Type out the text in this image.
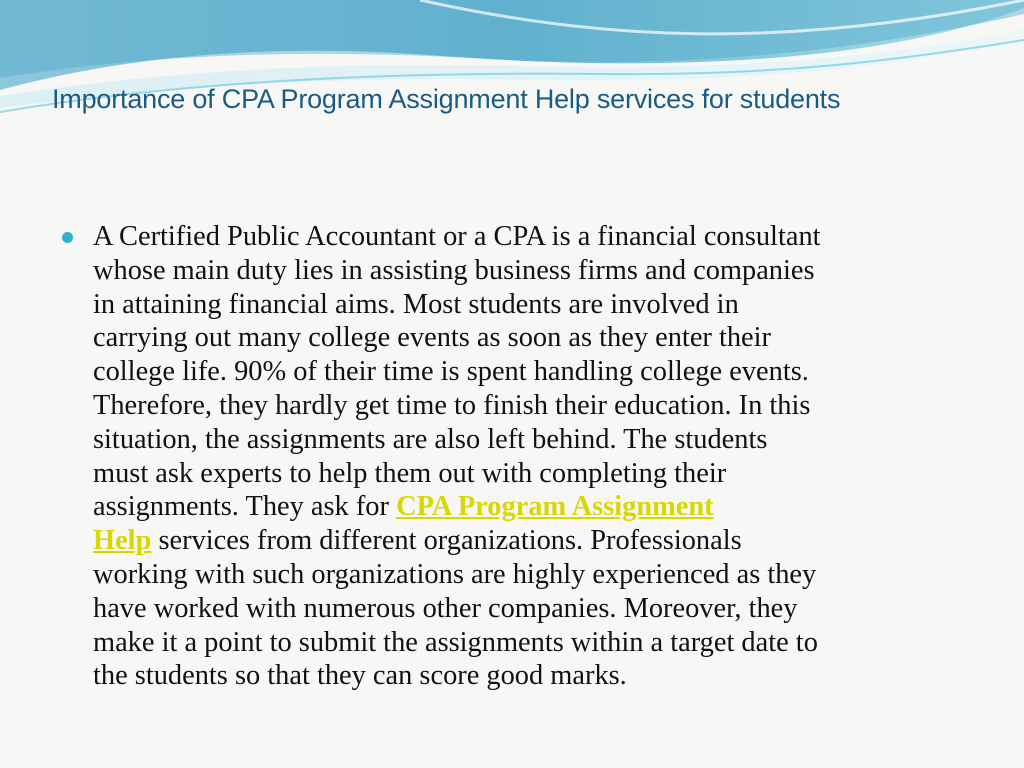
Importance of CPA Program Assignment Help services for students

A Certified Public Accountant or a CPA is a financial consultant
whose main duty lies in assisting business firms and companies
in attaining financial aims. Most students are involved in
carrying out many college events as soon as they enter their
college life. 90% of their time is spent handling college events.
Therefore, they hardly get time to finish their education. In this
situation, the assignments are also left behind. The students
must ask experts to help them out with completing their
assignments. They ask for CPA Program Assignment
Help services from different organizations. Professionals
working with such organizations are highly experienced as they
have worked with numerous other companies. Moreover, they
make it a point to submit the assignments within a target date to
the students so that they can score good marks.
